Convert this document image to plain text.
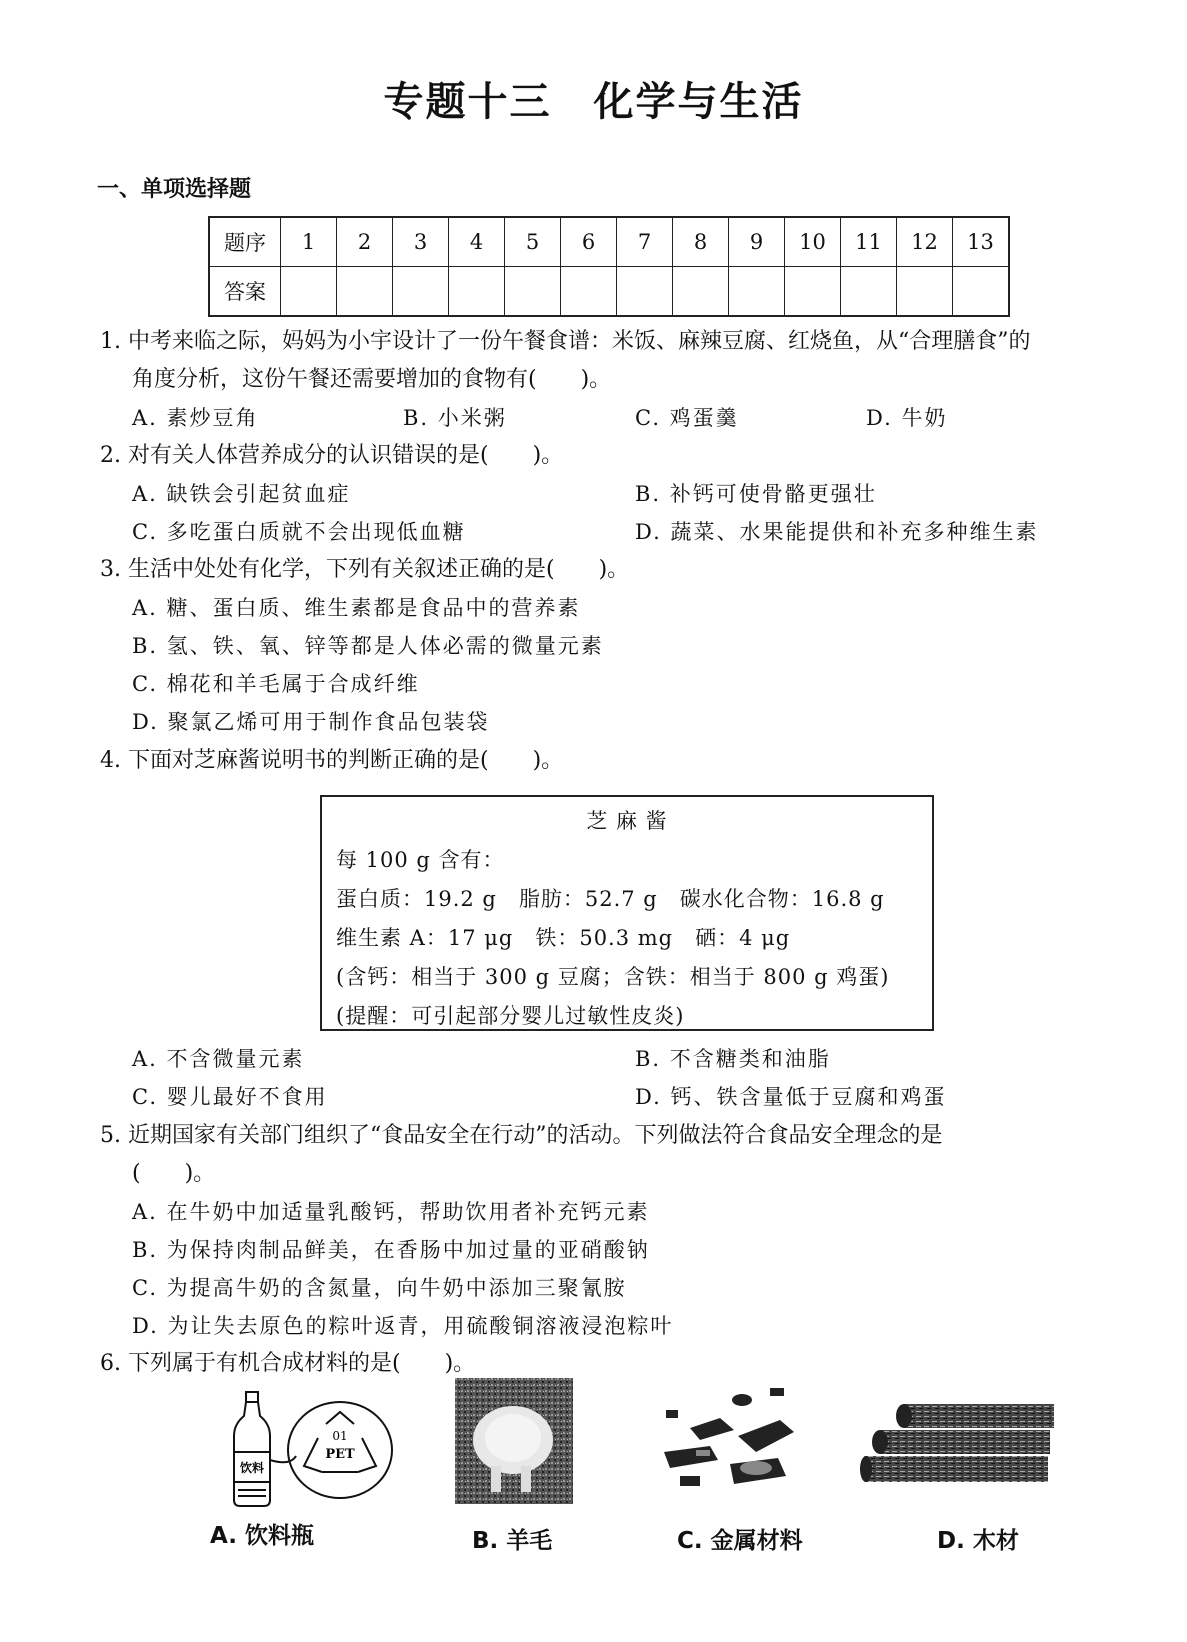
专题十三　化学与生活
一、单项选择题
题序	1	2	3	4	5	6	7	8	9	10	11	12	13
答案													
1. 中考来临之际，妈妈为小宇设计了一份午餐食谱：米饭、麻辣豆腐、红烧鱼，从“合理膳食”的
角度分析，这份午餐还需要增加的食物有(　　)。
A. 素炒豆角	B. 小米粥	C. 鸡蛋羹	D. 牛奶
2. 对有关人体营养成分的认识错误的是(　　)。
A. 缺铁会引起贫血症	B. 补钙可使骨骼更强壮
C. 多吃蛋白质就不会出现低血糖	D. 蔬菜、水果能提供和补充多种维生素
3. 生活中处处有化学，下列有关叙述正确的是(　　)。
A. 糖、蛋白质、维生素都是食品中的营养素
B. 氢、铁、氧、锌等都是人体必需的微量元素
C. 棉花和羊毛属于合成纤维
D. 聚氯乙烯可用于制作食品包装袋
4. 下面对芝麻酱说明书的判断正确的是(　　)。
芝 麻 酱
每 100 g 含有：
蛋白质：19.2 g　脂肪：52.7 g　碳水化合物：16.8 g
维生素 A：17 μg　铁：50.3 mg　硒：4 μg
(含钙：相当于 300 g 豆腐；含铁：相当于 800 g 鸡蛋)
(提醒：可引起部分婴儿过敏性皮炎)
A. 不含微量元素	B. 不含糖类和油脂
C. 婴儿最好不食用	D. 钙、铁含量低于豆腐和鸡蛋
5. 近期国家有关部门组织了“食品安全在行动”的活动。下列做法符合食品安全理念的是
(　　)。
A. 在牛奶中加适量乳酸钙，帮助饮用者补充钙元素
B. 为保持肉制品鲜美，在香肠中加过量的亚硝酸钠
C. 为提高牛奶的含氮量，向牛奶中添加三聚氰胺
D. 为让失去原色的粽叶返青，用硫酸铜溶液浸泡粽叶
6. 下列属于有机合成材料的是(　　)。
饮料
01
PET
A. 饮料瓶	B. 羊毛	C. 金属材料	D. 木材
